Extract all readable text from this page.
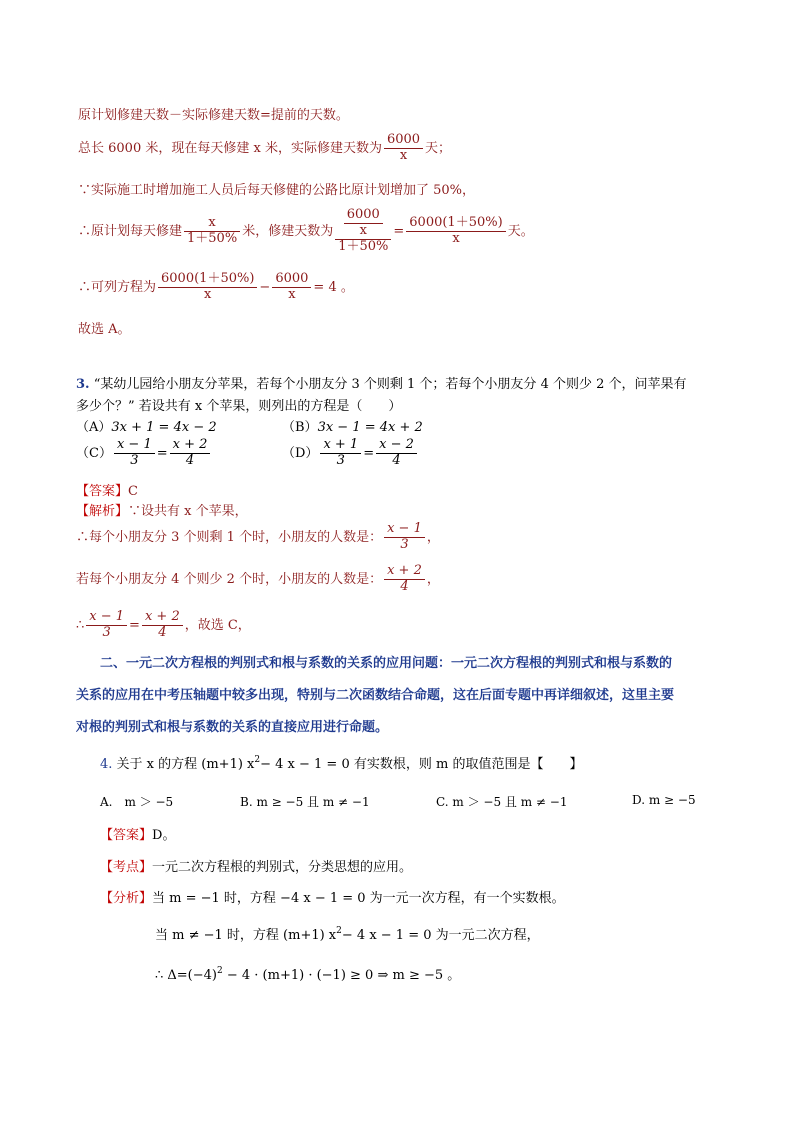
原计划修建天数－实际修建天数=提前的天数。
总长 6000 米，现在每天修建 x 米，实际修建天数为 $\frac{6000}{x}$ 天；
∵实际施工时增加施工人员后每天修健的公路比原计划增加了 50%，
∴原计划每天修建 $\frac{x}{1+50\%}$ 米，修建天数为 $\frac{\frac{6000}{x}}{1+50\%} = \frac{6000(1+50\%)}{x}$ 天。
∴可列方程为 $\frac{6000(1+50\%)}{x} - \frac{6000}{x} = 4$ 。
故选 A。
3. “某幼儿园给小朋友分苹果，若每个小朋友分 3 个则剩 1 个；若每个小朋友分 4 个则少 2 个，问苹果有
多少个？” 若设共有 x 个苹果，则列出的方程是（　　）
（A）3x + 1 = 4x − 2	（B）3x − 1 = 4x + 2
$(C) \frac{x - 1}{3} = \frac{x + 2}{4}$	$(D) \frac{x + 1}{3} = \frac{x - 2}{4}$
【答案】C
【解析】∵设共有 x 个苹果，
∴每个小朋友分 3 个则剩 1 个时，小朋友的人数是： $\frac{x - 1}{3}$ ，
若每个小朋友分 4 个则少 2 个时，小朋友的人数是： $\frac{x + 2}{4}$ ，
∴ $\frac{x - 1}{3} = \frac{x + 2}{4}$ ，故选 C，
二、一元二次方程根的判别式和根与系数的关系的应用问题：一元二次方程根的判别式和根与系数的
关系的应用在中考压轴题中较多出现，特别与二次函数结合命题，这在后面专题中再详细叙述，这里主要
对根的判别式和根与系数的关系的直接应用进行命题。
4. 关于 x 的方程 (m+1) $x^2- 4$ x − 1 = 0 有实数根，则 m 的取值范围是【　　】
A.　m ＞ −5	B. m ≥ −5 且 m ≠ −1	C. m ＞ −5 且 m ≠ −1	D. m ≥ −5
【答案】D。
【考点】一元二次方程根的判别式，分类思想的应用。
【分析】当 m = −1 时，方程 −4 x − 1 = 0 为一元一次方程，有一个实数根。
当 m ≠ −1 时，方程 (m+1) $x^2- 4$ x − 1 = 0 为一元二次方程，
∴ $\Delta=(-4)^2 - 4 \cdot (m+1) \cdot (-1) \ge 0$ ⇒ m ≥ −5 。
